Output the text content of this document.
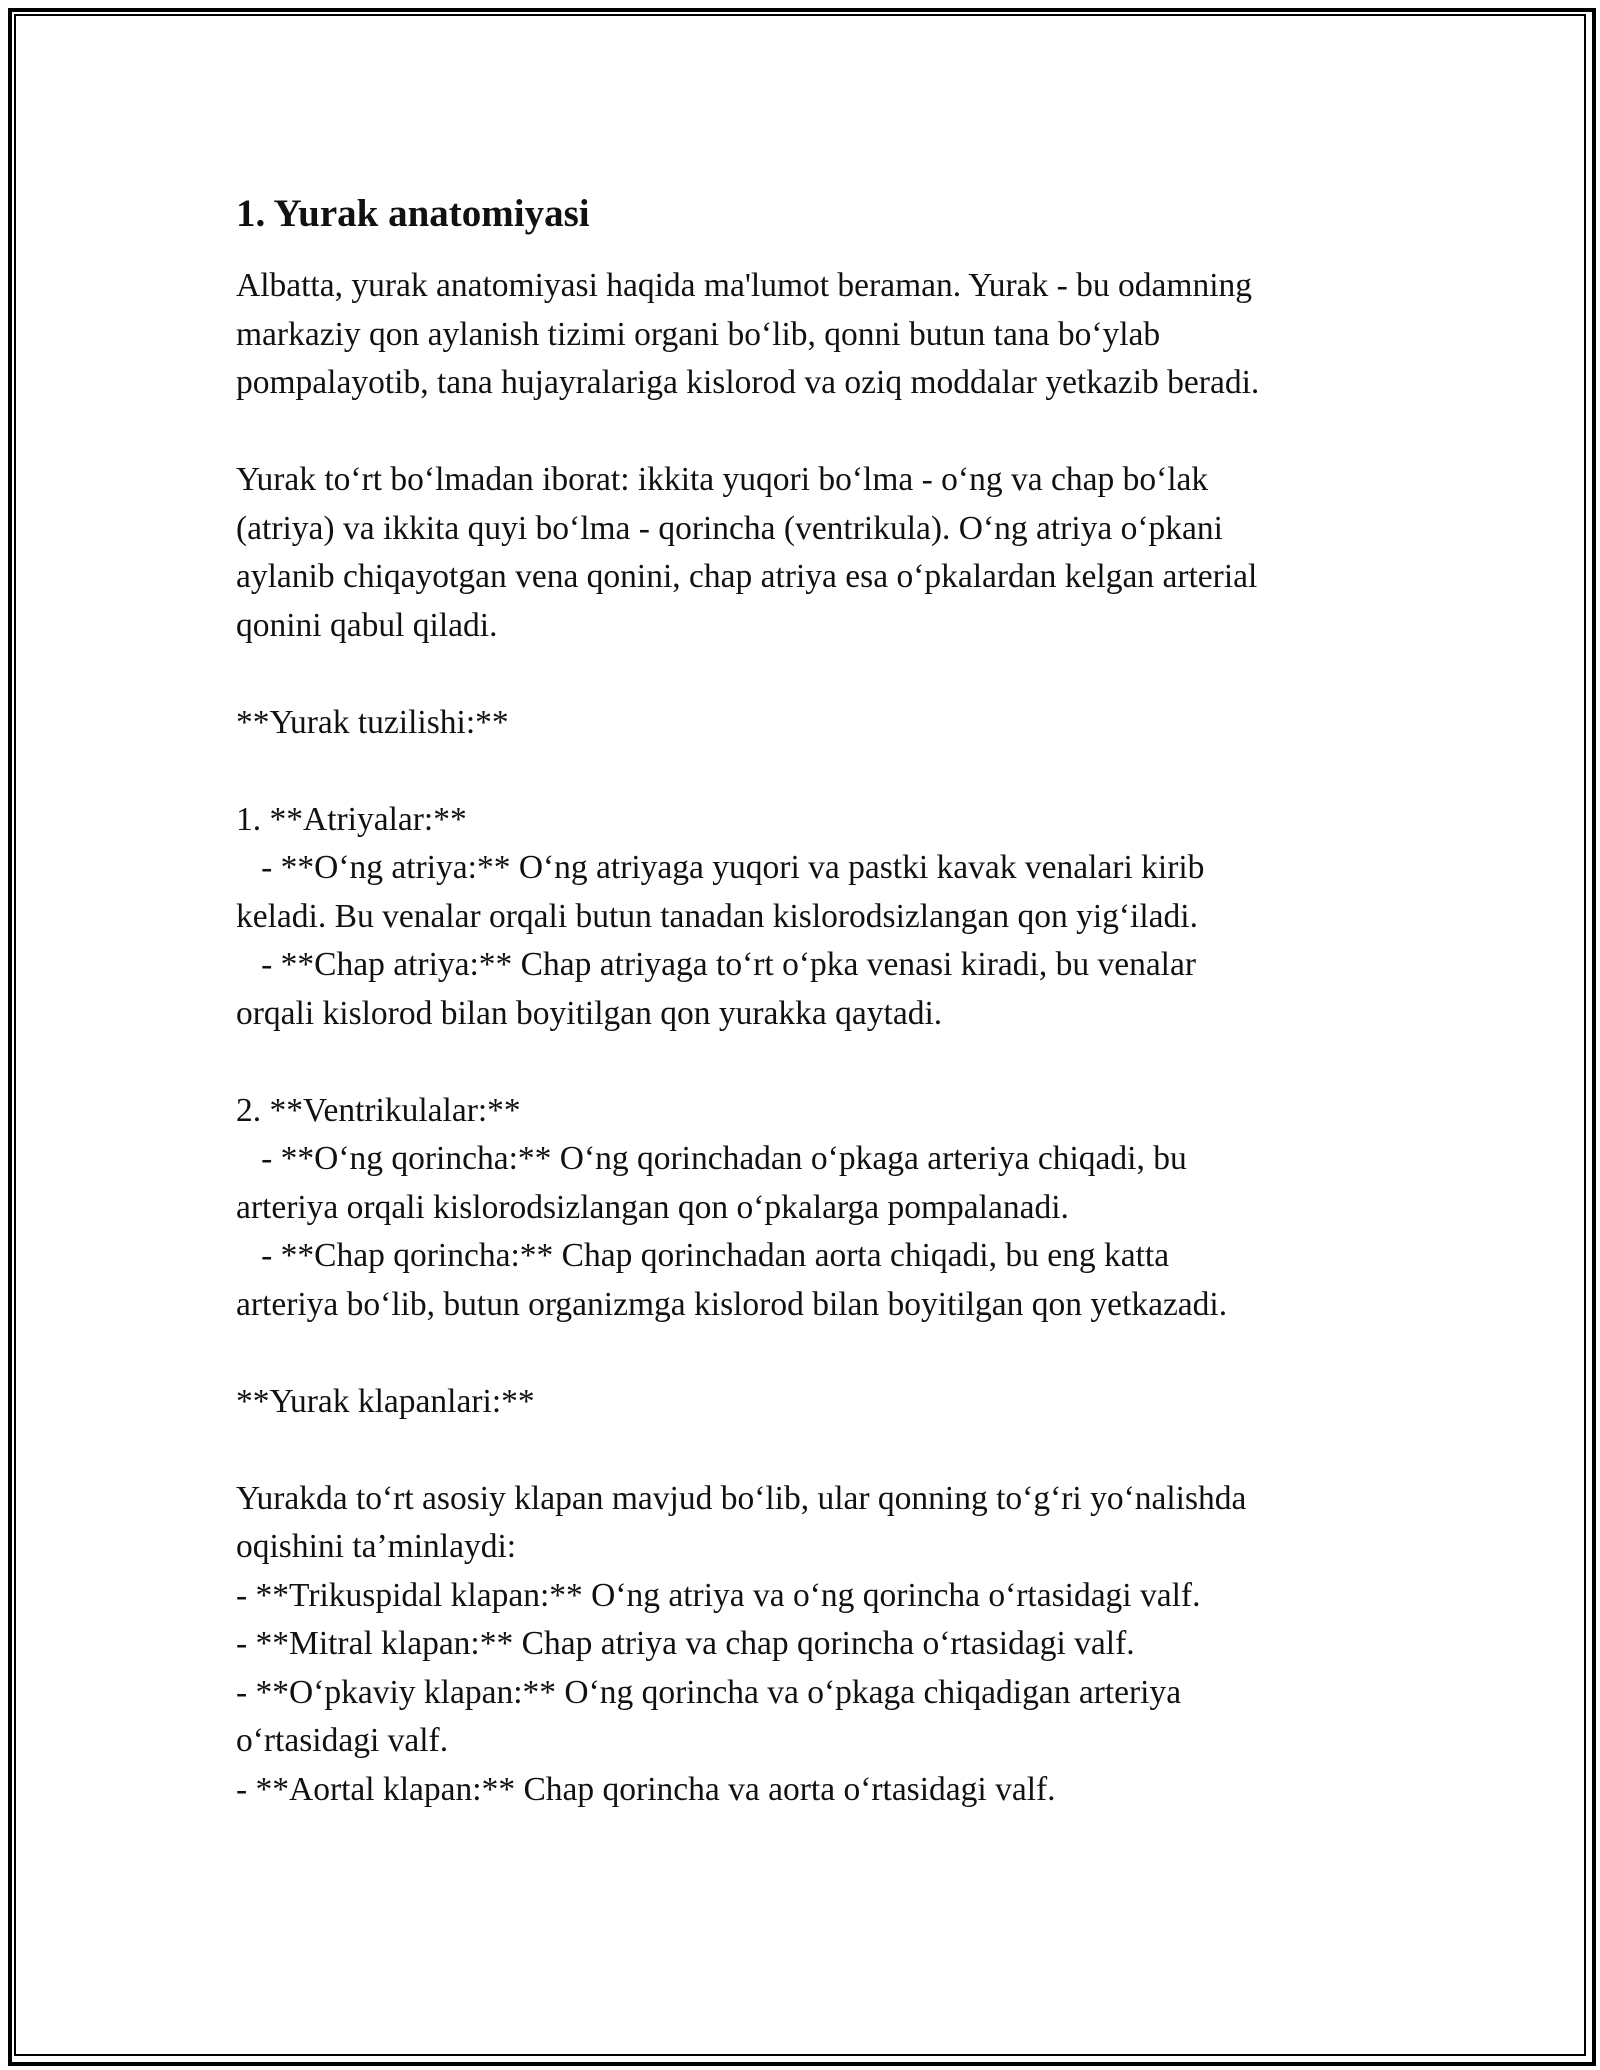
1. Yurak anatomiyasi

Albatta, yurak anatomiyasi haqida ma'lumot beraman. Yurak - bu odamning

markaziy qon aylanish tizimi organi boʻlib, qonni butun tana boʻylab

pompalayotib, tana hujayralariga kislorod va oziq moddalar yetkazib beradi.

Yurak toʻrt boʻlmadan iborat: ikkita yuqori boʻlma - oʻng va chap boʻlak

(atriya) va ikkita quyi boʻlma - qorincha (ventrikula). Oʻng atriya oʻpkani

aylanib chiqayotgan vena qonini, chap atriya esa oʻpkalardan kelgan arterial

qonini qabul qiladi.

**Yurak tuzilishi:**

1. **Atriyalar:**

- **Oʻng atriya:** Oʻng atriyaga yuqori va pastki kavak venalari kirib

keladi. Bu venalar orqali butun tanadan kislorodsizlangan qon yigʻiladi.

- **Chap atriya:** Chap atriyaga toʻrt oʻpka venasi kiradi, bu venalar

orqali kislorod bilan boyitilgan qon yurakka qaytadi.

2. **Ventrikulalar:**

- **Oʻng qorincha:** Oʻng qorinchadan oʻpkaga arteriya chiqadi, bu

arteriya orqali kislorodsizlangan qon oʻpkalarga pompalanadi.

- **Chap qorincha:** Chap qorinchadan aorta chiqadi, bu eng katta

arteriya boʻlib, butun organizmga kislorod bilan boyitilgan qon yetkazadi.

**Yurak klapanlari:**

Yurakda toʻrt asosiy klapan mavjud boʻlib, ular qonning toʻgʻri yoʻnalishda

oqishini ta’minlaydi:

- **Trikuspidal klapan:** Oʻng atriya va oʻng qorincha oʻrtasidagi valf.

- **Mitral klapan:** Chap atriya va chap qorincha oʻrtasidagi valf.

- **Oʻpkaviy klapan:** Oʻng qorincha va oʻpkaga chiqadigan arteriya

oʻrtasidagi valf.

- **Aortal klapan:** Chap qorincha va aorta oʻrtasidagi valf.
